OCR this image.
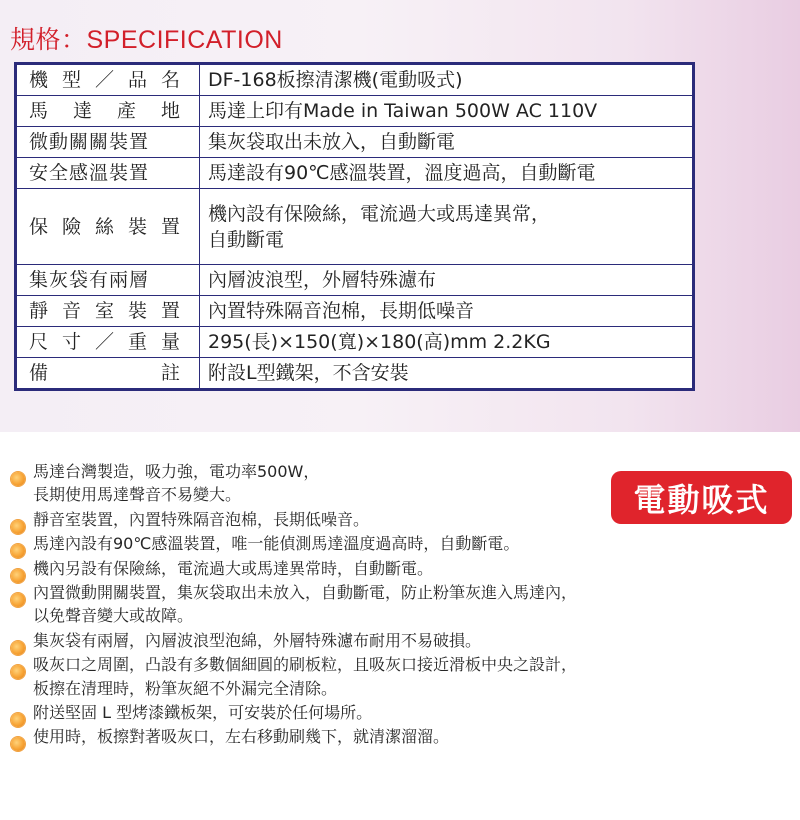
規格：SPECIFICATION
機 型 ／ 品 名	DF-168板擦清潔機(電動吸式)

馬 達 產 地	馬達上印有Made in Taiwan 500W AC 110V

微動關關裝置	集灰袋取出未放入，自動斷電

安全感溫裝置	馬達設有90℃感溫裝置，溫度過高，自動斷電

保 險 絲 裝 置	機內設有保險絲，電流過大或馬達異常，
自動斷電

集灰袋有兩層	內層波浪型，外層特殊濾布

靜 音 室 裝 置	內置特殊隔音泡棉，長期低噪音

尺 寸 ／ 重 量	295(長)×150(寬)×180(高)mm 2.2KG

備 註	附設L型鐵架，不含安裝
電動吸式
馬達台灣製造，吸力強，電功率500W，
長期使用馬達聲音不易變大。
靜音室裝置，內置特殊隔音泡棉，長期低噪音。
馬達內設有90℃感溫裝置，唯一能偵測馬達溫度過高時，自動斷電。
機內另設有保險絲，電流過大或馬達異常時，自動斷電。
內置微動開關裝置，集灰袋取出未放入，自動斷電，防止粉筆灰進入馬達內，
以免聲音變大或故障。
集灰袋有兩層，內層波浪型泡綿，外層特殊濾布耐用不易破損。
吸灰口之周圍，凸設有多數個細圓的刷板粒，且吸灰口接近滑板中央之設計，
板擦在清理時，粉筆灰絕不外漏完全清除。
附送堅固 L 型烤漆鐵板架，可安裝於任何場所。
使用時，板擦對著吸灰口，左右移動刷幾下，就清潔溜溜。
